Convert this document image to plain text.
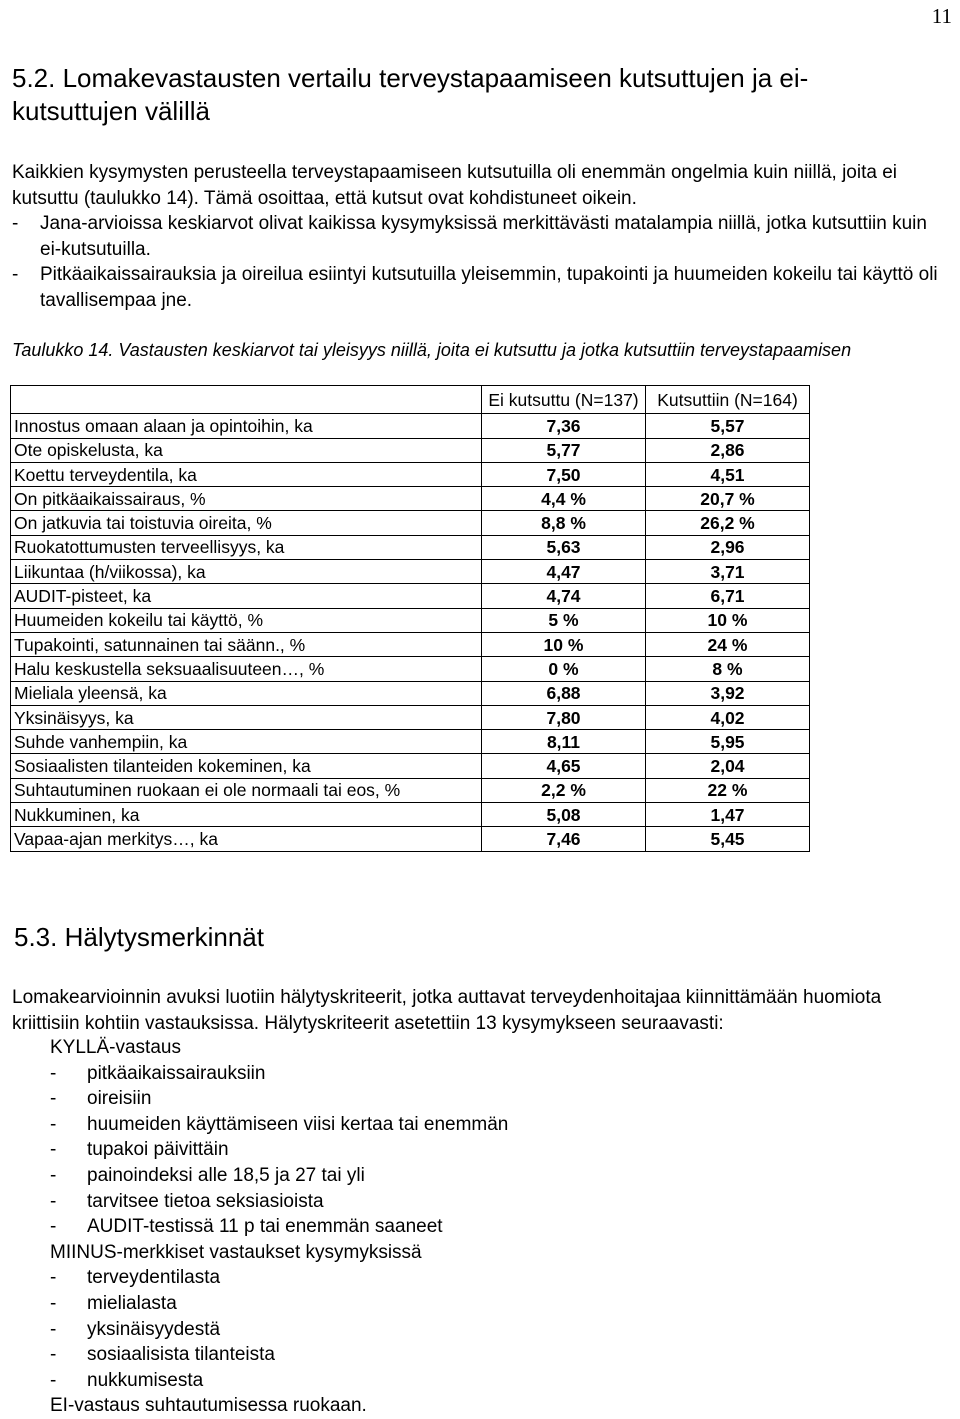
11
5.2. Lomakevastausten vertailu terveystapaamiseen kutsuttujen ja ei-kutsuttujen välillä
Kaikkien kysymysten perusteella terveystapaamiseen kutsutuilla oli enemmän ongelmia kuin niillä, joita ei kutsuttu (taulukko 14). Tämä osoittaa, että kutsut ovat kohdistuneet oikein.
- Jana-arvioissa keskiarvot olivat kaikissa kysymyksissä merkittävästi matalampia niillä, jotka kutsuttiin kuin ei-kutsutuilla.
- Pitkäaikaissairauksia ja oireilua esiintyi kutsutuilla yleisemmin, tupakointi ja huumeiden kokeilu tai käyttö oli tavallisempaa jne.
Taulukko 14. Vastausten keskiarvot tai yleisyys niillä, joita ei kutsuttu ja jotka kutsuttiin terveystapaamisen
	Ei kutsuttu (N=137)	Kutsuttiin (N=164)
Innostus omaan alaan ja opintoihin, ka	7,36	5,57
Ote opiskelusta, ka	5,77	2,86
Koettu terveydentila, ka	7,50	4,51
On pitkäaikaissairaus, %	4,4 %	20,7 %
On jatkuvia tai toistuvia oireita, %	8,8 %	26,2 %
Ruokatottumusten terveellisyys, ka	5,63	2,96
Liikuntaa (h/viikossa), ka	4,47	3,71
AUDIT-pisteet, ka	4,74	6,71
Huumeiden kokeilu tai käyttö, %	5 %	10 %
Tupakointi, satunnainen tai säänn., %	10 %	24 %
Halu keskustella seksuaalisuuteen…, %	0 %	8 %
Mieliala yleensä, ka	6,88	3,92
Yksinäisyys, ka	7,80	4,02
Suhde vanhempiin, ka	8,11	5,95
Sosiaalisten tilanteiden kokeminen, ka	4,65	2,04
Suhtautuminen ruokaan ei ole normaali tai eos, %	2,2 %	22 %
Nukkuminen, ka	5,08	1,47
Vapaa-ajan merkitys…, ka	7,46	5,45
5.3. Hälytysmerkinnät
Lomakearvioinnin avuksi luotiin hälytyskriteerit, jotka auttavat terveydenhoitajaa kiinnittämään huomiota kriittisiin kohtiin vastauksissa. Hälytyskriteerit asetettiin 13 kysymykseen seuraavasti:
KYLLÄ-vastaus
- pitkäaikaissairauksiin
- oireisiin
- huumeiden käyttämiseen viisi kertaa tai enemmän
- tupakoi päivittäin
- painoindeksi alle 18,5 ja 27 tai yli
- tarvitsee tietoa seksiasioista
- AUDIT-testissä 11 p tai enemmän saaneet
MIINUS-merkkiset vastaukset kysymyksissä
- terveydentilasta
- mielialasta
- yksinäisyydestä
- sosiaalisista tilanteista
- nukkumisesta
EI-vastaus suhtautumisessa ruokaan.
